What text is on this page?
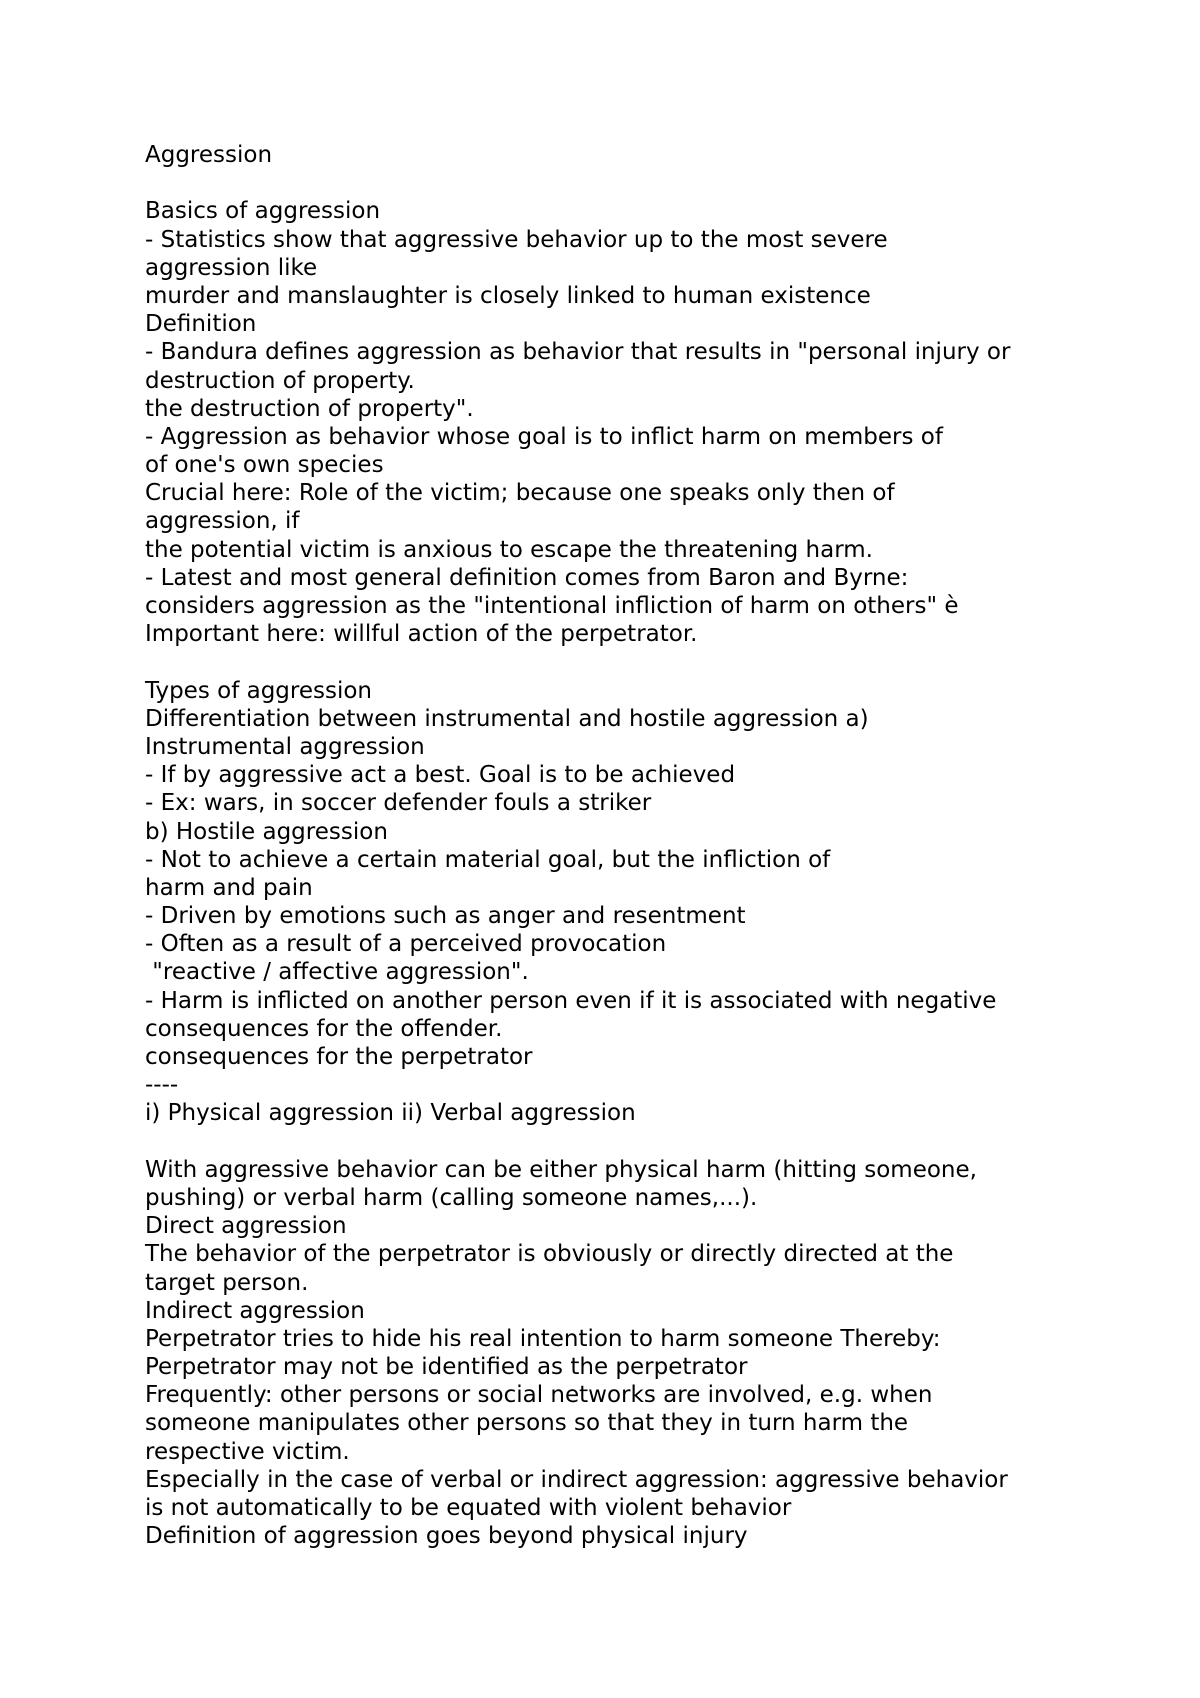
Aggression
Basics of aggression
- Statistics show that aggressive behavior up to the most severe
aggression like
murder and manslaughter is closely linked to human existence
Definition
- Bandura defines aggression as behavior that results in "personal injury or
destruction of property.
the destruction of property".
- Aggression as behavior whose goal is to inflict harm on members of
of one's own species
Crucial here: Role of the victim; because one speaks only then of
aggression, if
the potential victim is anxious to escape the threatening harm.
- Latest and most general definition comes from Baron and Byrne:
considers aggression as the "intentional infliction of harm on others" è
Important here: willful action of the perpetrator.
Types of aggression
Differentiation between instrumental and hostile aggression a)
Instrumental aggression
- If by aggressive act a best. Goal is to be achieved
- Ex: wars, in soccer defender fouls a striker
b) Hostile aggression
- Not to achieve a certain material goal, but the infliction of
harm and pain
- Driven by emotions such as anger and resentment
- Often as a result of a perceived provocation
"reactive / affective aggression".
- Harm is inflicted on another person even if it is associated with negative
consequences for the offender.
consequences for the perpetrator
----
i) Physical aggression ii) Verbal aggression
With aggressive behavior can be either physical harm (hitting someone,
pushing) or verbal harm (calling someone names,...).
Direct aggression
The behavior of the perpetrator is obviously or directly directed at the
target person.
Indirect aggression
Perpetrator tries to hide his real intention to harm someone Thereby:
Perpetrator may not be identified as the perpetrator
Frequently: other persons or social networks are involved, e.g. when
someone manipulates other persons so that they in turn harm the
respective victim.
Especially in the case of verbal or indirect aggression: aggressive behavior
is not automatically to be equated with violent behavior
Definition of aggression goes beyond physical injury
